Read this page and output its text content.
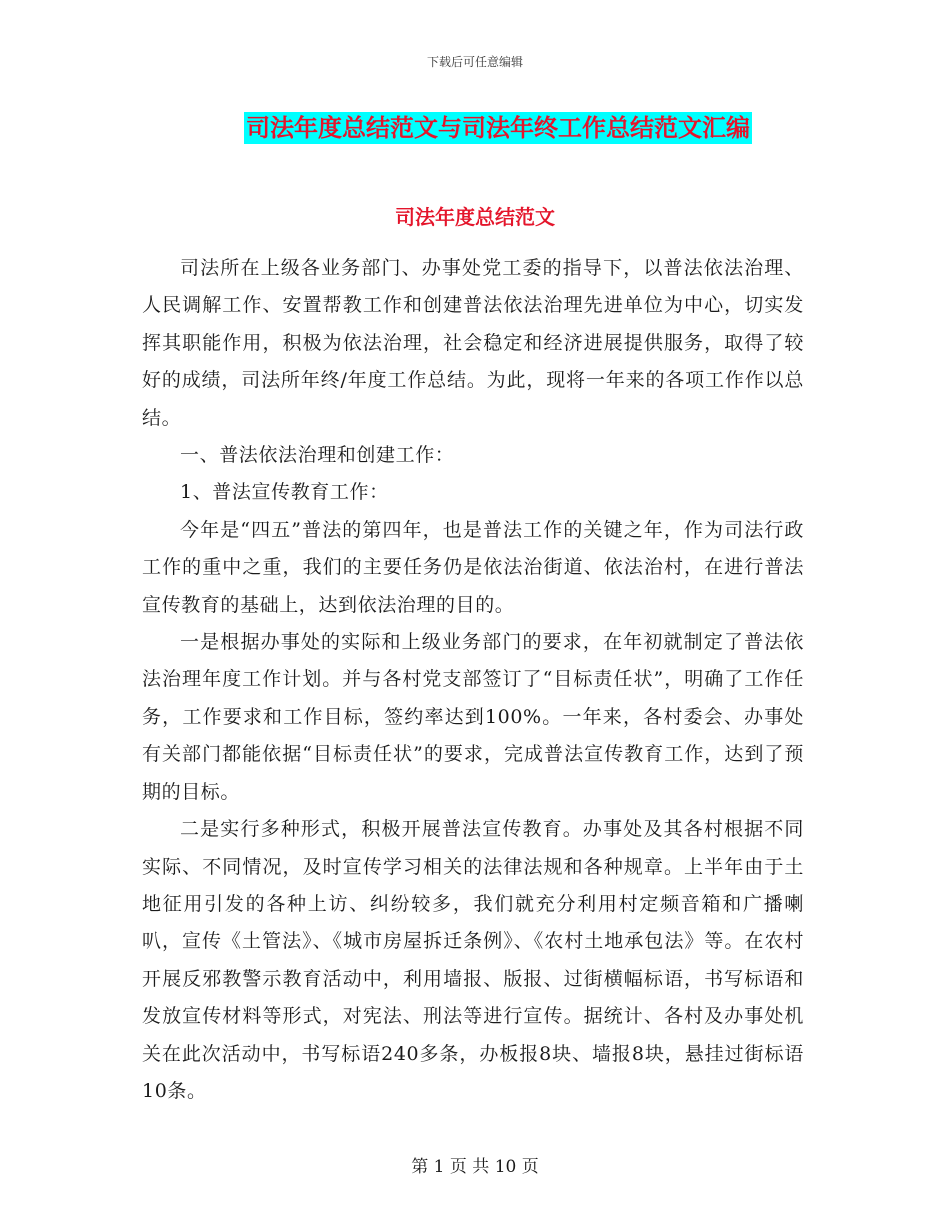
下载后可任意编辑
司法年度总结范文与司法年终工作总结范文汇编
司法年度总结范文

司法所在上级各业务部门、办事处党工委的指导下，以普法依法治理、人民调解工作、安置帮教工作和创建普法依法治理先进单位为中心，切实发挥其职能作用，积极为依法治理，社会稳定和经济进展提供服务，取得了较好的成绩，司法所年终/年度工作总结。为此，现将一年来的各项工作作以总结。

一、普法依法治理和创建工作：

1、普法宣传教育工作：

今年是“四五”普法的第四年，也是普法工作的关键之年，作为司法行政工作的重中之重，我们的主要任务仍是依法治街道、依法治村，在进行普法宣传教育的基础上，达到依法治理的目的。

一是根据办事处的实际和上级业务部门的要求，在年初就制定了普法依法治理年度工作计划。并与各村党支部签订了“目标责任状”，明确了工作任务，工作要求和工作目标，签约率达到100%。一年来，各村委会、办事处有关部门都能依据“目标责任状”的要求，完成普法宣传教育工作，达到了预期的目标。

二是实行多种形式，积极开展普法宣传教育。办事处及其各村根据不同实际、不同情况，及时宣传学习相关的法律法规和各种规章。上半年由于土地征用引发的各种上访、纠纷较多，我们就充分利用村定频音箱和广播喇叭，宣传《土管法》、《城市房屋拆迁条例》、《农村土地承包法》等。在农村开展反邪教警示教育活动中，利用墙报、版报、过街横幅标语，书写标语和发放宣传材料等形式，对宪法、刑法等进行宣传。据统计、各村及办事处机关在此次活动中，书写标语240多条，办板报8块、墙报8块，悬挂过街标语10条。

第 1 页 共 10 页
